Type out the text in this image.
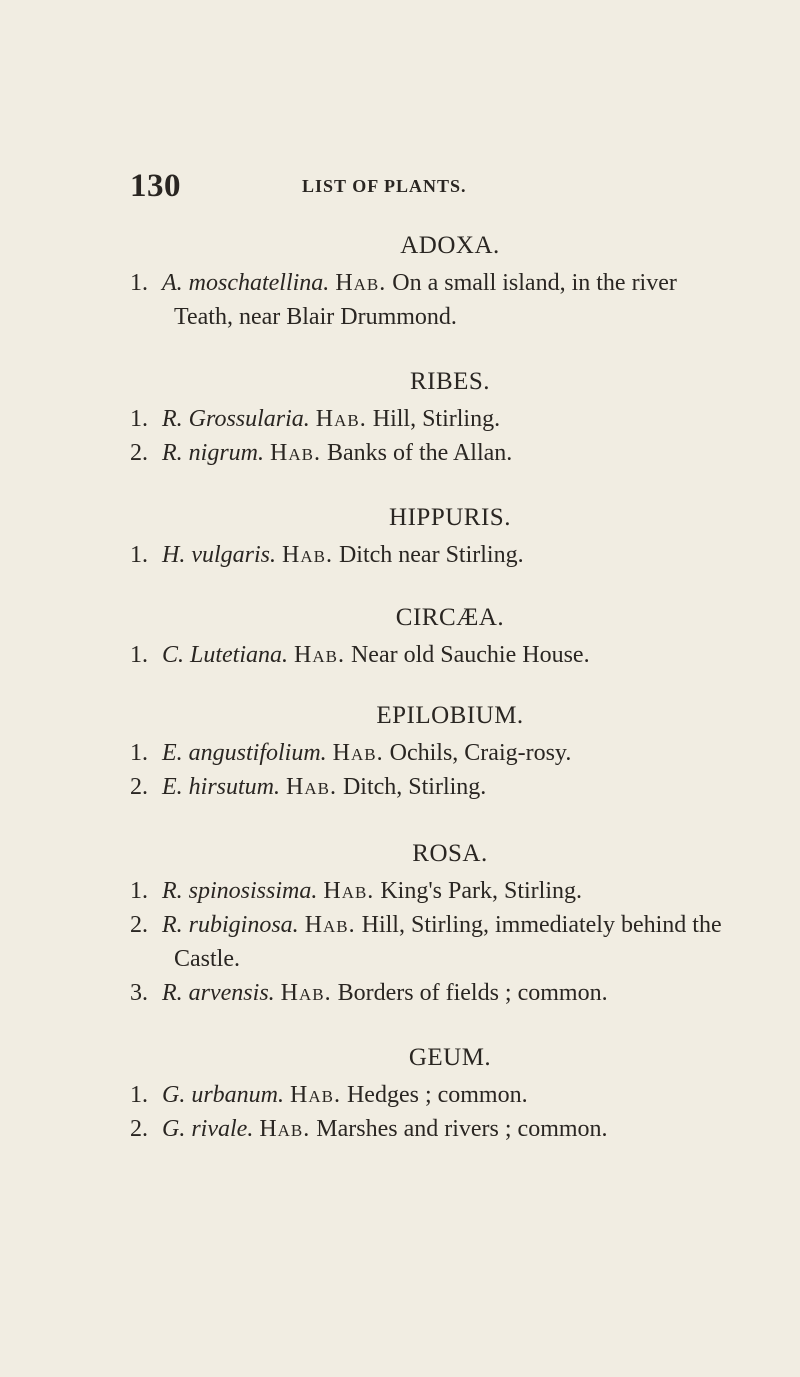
130	LIST OF PLANTS.
ADOXA.

1. A. moschatellina. Hab. On a small island, in the river Teath, near Blair Drummond.

RIBES.

1. R. Grossularia. Hab. Hill, Stirling.

2. R. nigrum. Hab. Banks of the Allan.

HIPPURIS.

1. H. vulgaris. Hab. Ditch near Stirling.

CIRCÆA.

1. C. Lutetiana. Hab. Near old Sauchie House.

EPILOBIUM.

1. E. angustifolium. Hab. Ochils, Craig-rosy.

2. E. hirsutum. Hab. Ditch, Stirling.

ROSA.

1. R. spinosissima. Hab. King's Park, Stirling.

2. R. rubiginosa. Hab. Hill, Stirling, immediately behind the Castle.

3. R. arvensis. Hab. Borders of fields ; common.

GEUM.

1. G. urbanum. Hab. Hedges ; common.

2. G. rivale. Hab. Marshes and rivers ; common.
